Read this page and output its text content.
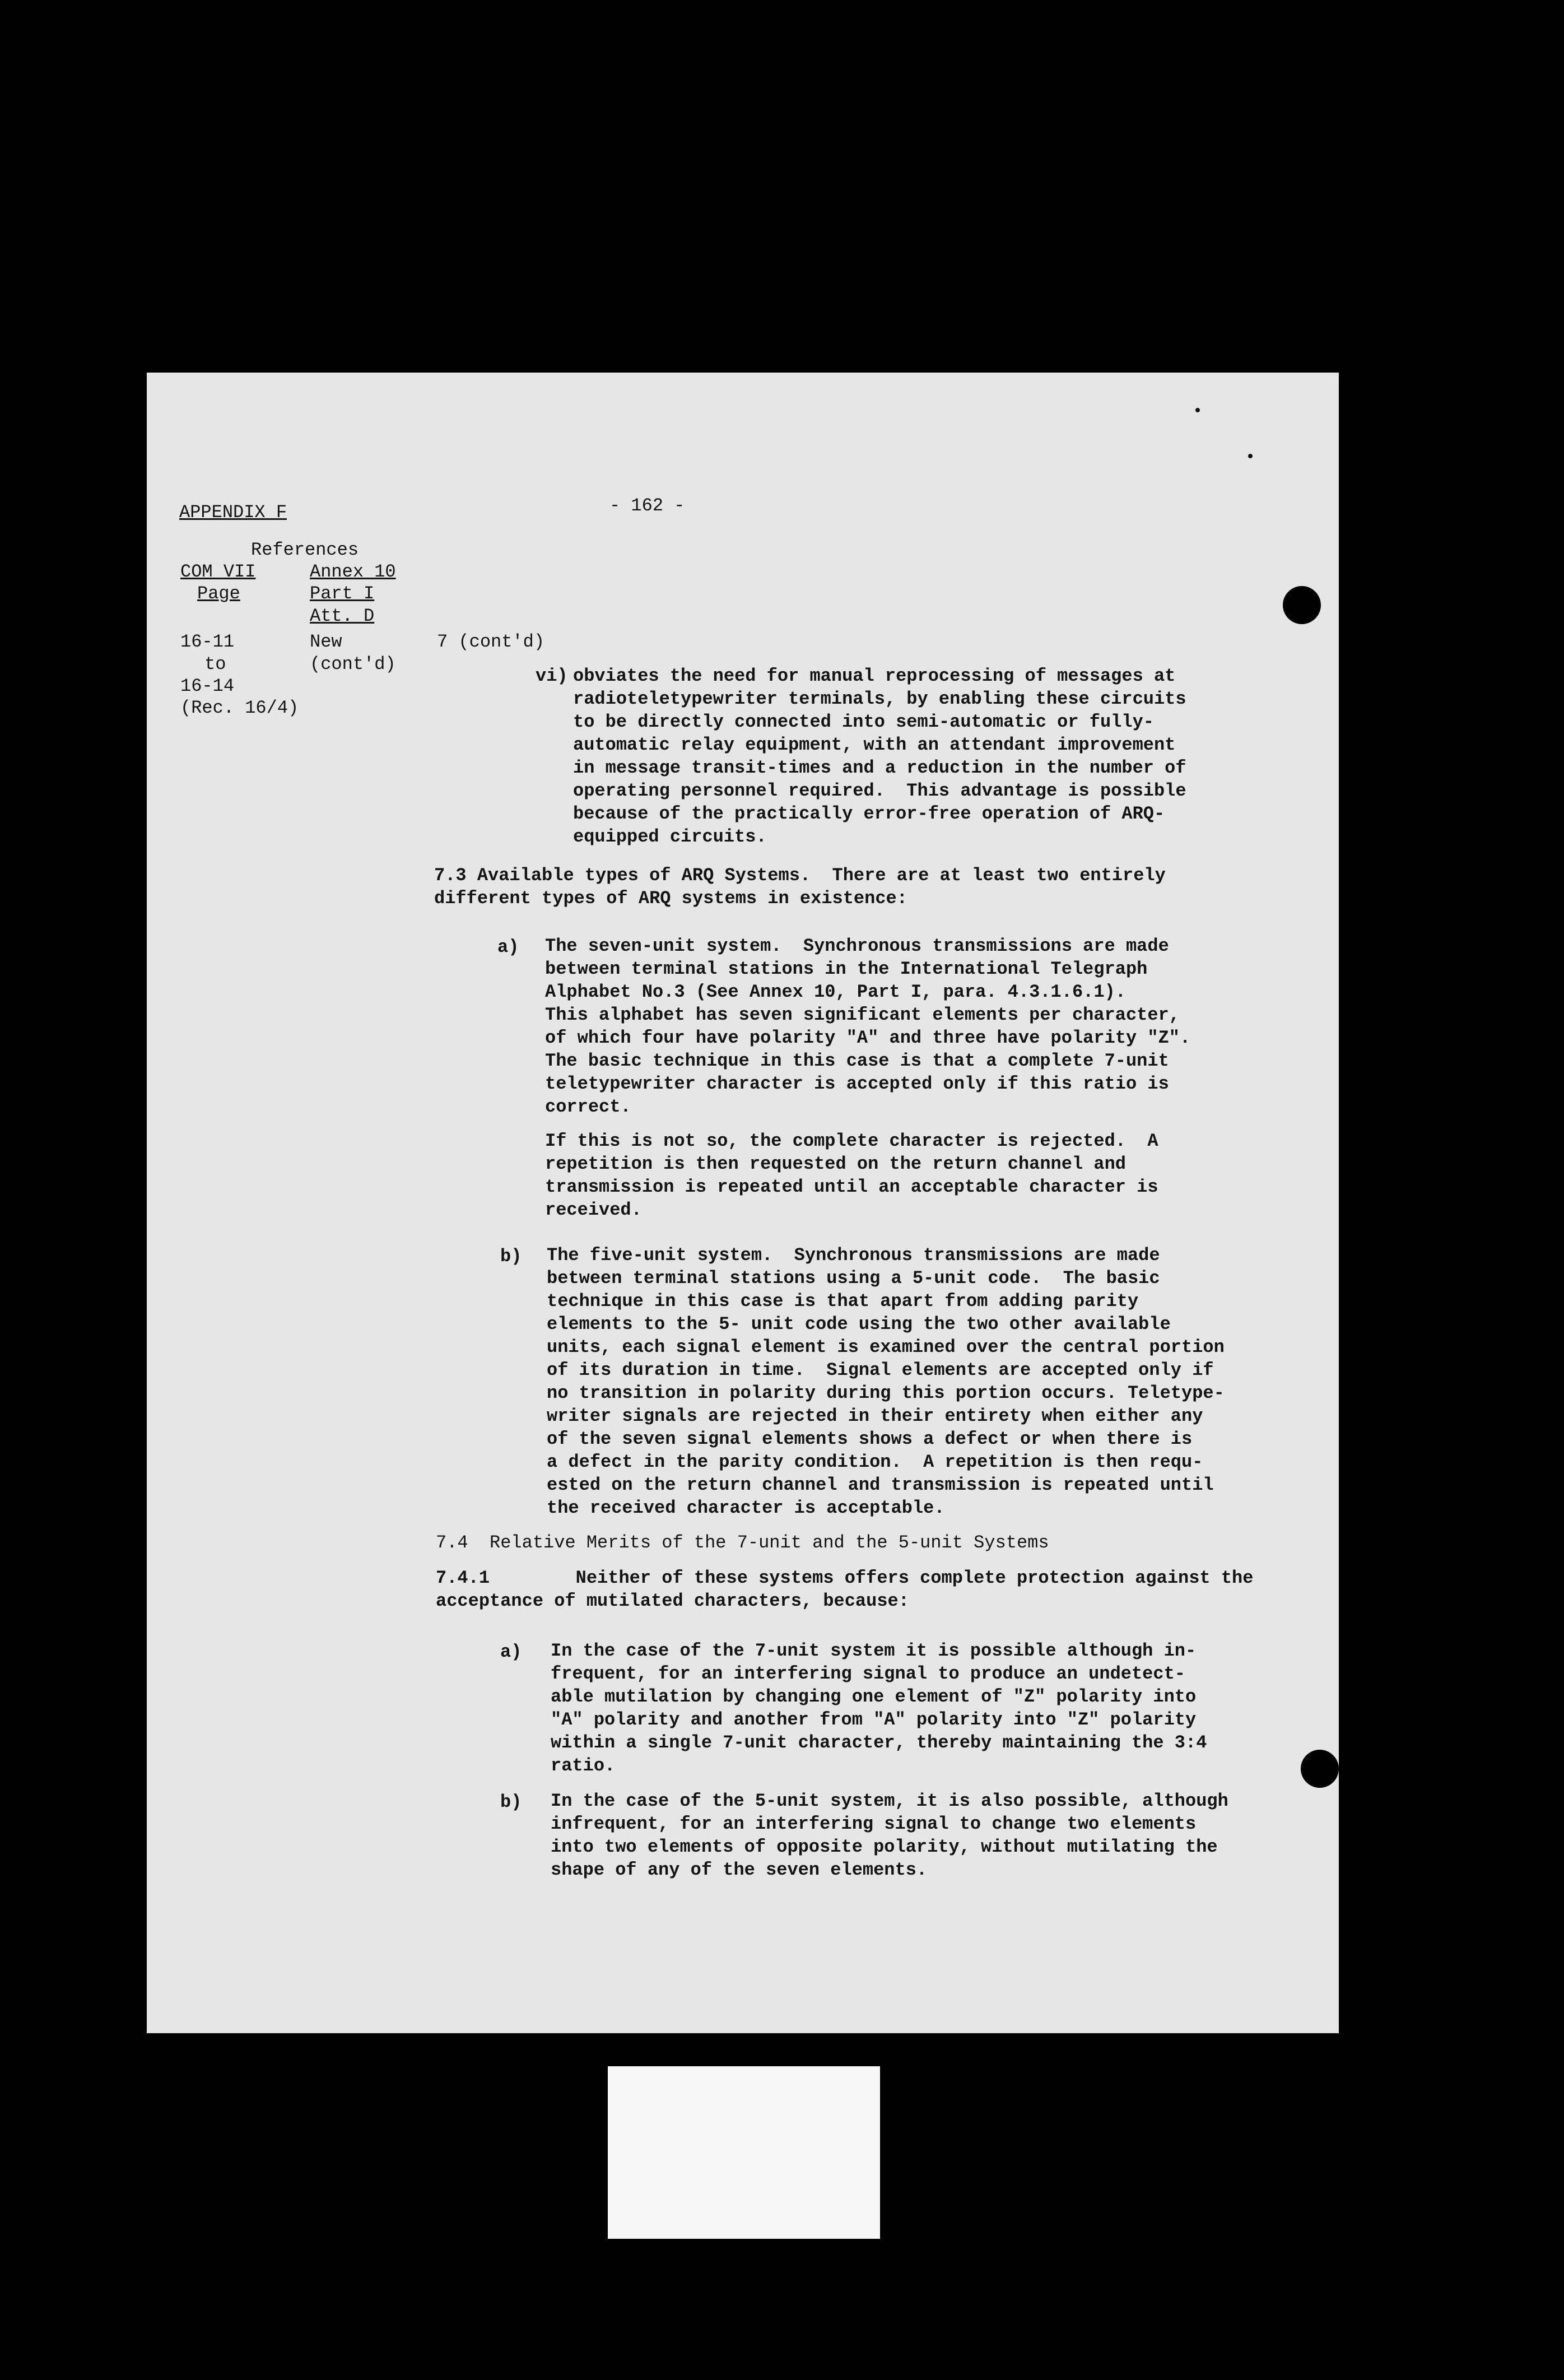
APPENDIX F	- 162 -
References
COM VII
Page
Annex 10
Part I
Att. D
16-11
to
16-14
(Rec. 16/4)
New
(cont'd)
7 (cont'd)
vi) obviates the need for manual reprocessing of messages at
radioteletypewriter terminals, by enabling these circuits
to be directly connected into semi-automatic or fully-
automatic relay equipment, with an attendant improvement
in message transit-times and a reduction in the number of
operating personnel required.  This advantage is possible
because of the practically error-free operation of ARQ-
equipped circuits.
7.3 Available types of ARQ Systems.  There are at least two entirely
different types of ARQ systems in existence:
a) The seven-unit system.  Synchronous transmissions are made
between terminal stations in the International Telegraph
Alphabet No.3 (See Annex 10, Part I, para. 4.3.1.6.1).
This alphabet has seven significant elements per character,
of which four have polarity "A" and three have polarity "Z".
The basic technique in this case is that a complete 7-unit
teletypewriter character is accepted only if this ratio is
correct.
If this is not so, the complete character is rejected.  A
repetition is then requested on the return channel and
transmission is repeated until an acceptable character is
received.
b) The five-unit system.  Synchronous transmissions are made
between terminal stations using a 5-unit code.  The basic
technique in this case is that apart from adding parity
elements to the 5- unit code using the two other available
units, each signal element is examined over the central portion
of its duration in time.  Signal elements are accepted only if
no transition in polarity during this portion occurs. Teletype-
writer signals are rejected in their entirety when either any
of the seven signal elements shows a defect or when there is
a defect in the parity condition.  A repetition is then requ-
ested on the return channel and transmission is repeated until
the received character is acceptable.
7.4  Relative Merits of the 7-unit and the 5-unit Systems
7.4.1        Neither of these systems offers complete protection against the
acceptance of mutilated characters, because:
a) In the case of the 7-unit system it is possible although in-
frequent, for an interfering signal to produce an undetect-
able mutilation by changing one element of "Z" polarity into
"A" polarity and another from "A" polarity into "Z" polarity
within a single 7-unit character, thereby maintaining the 3:4
ratio.
b) In the case of the 5-unit system, it is also possible, although
infrequent, for an interfering signal to change two elements
into two elements of opposite polarity, without mutilating the
shape of any of the seven elements.
